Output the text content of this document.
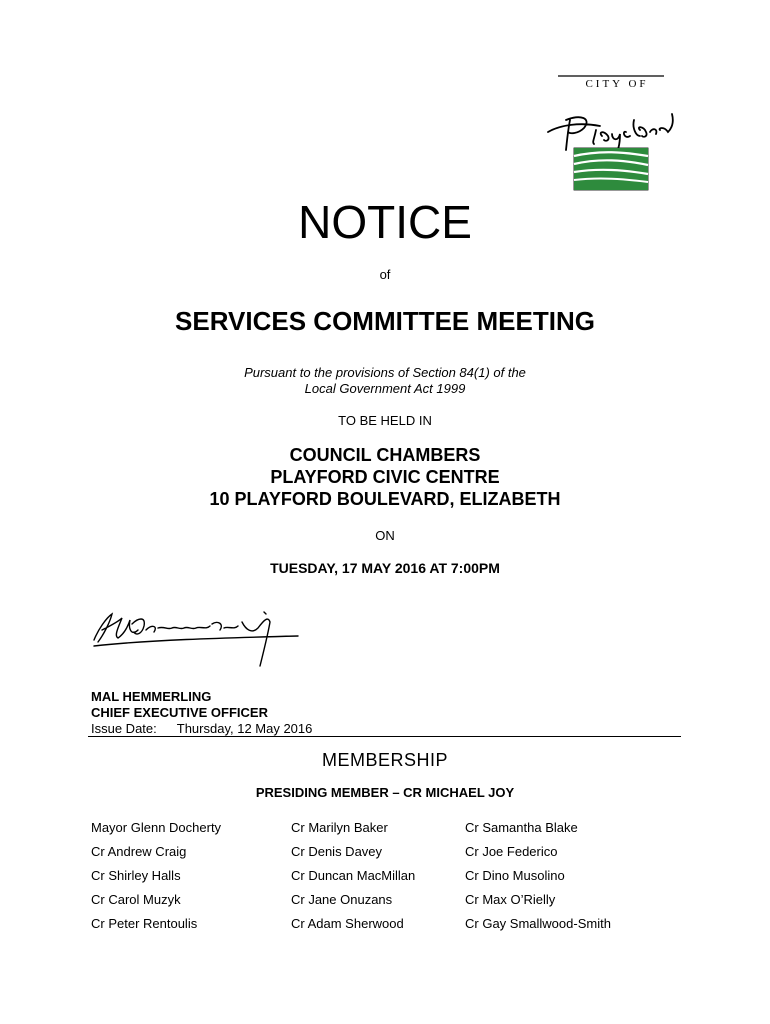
CITY OF
NOTICE
of
SERVICES COMMITTEE MEETING
Pursuant to the provisions of Section 84(1) of the
Local Government Act 1999
TO BE HELD IN
COUNCIL CHAMBERS
PLAYFORD CIVIC CENTRE
10 PLAYFORD BOULEVARD, ELIZABETH
ON
TUESDAY, 17 MAY 2016 AT 7:00PM
MAL HEMMERLING
CHIEF EXECUTIVE OFFICER
Issue Date: Thursday, 12 May 2016
MEMBERSHIP
PRESIDING MEMBER – CR MICHAEL JOY
Mayor Glenn Docherty	Cr Marilyn Baker	Cr Samantha Blake
Cr Andrew Craig	Cr Denis Davey	Cr Joe Federico
Cr Shirley Halls	Cr Duncan MacMillan	Cr Dino Musolino
Cr Carol Muzyk	Cr Jane Onuzans	Cr Max O’Rielly
Cr Peter Rentoulis	Cr Adam Sherwood	Cr Gay Smallwood-Smith
